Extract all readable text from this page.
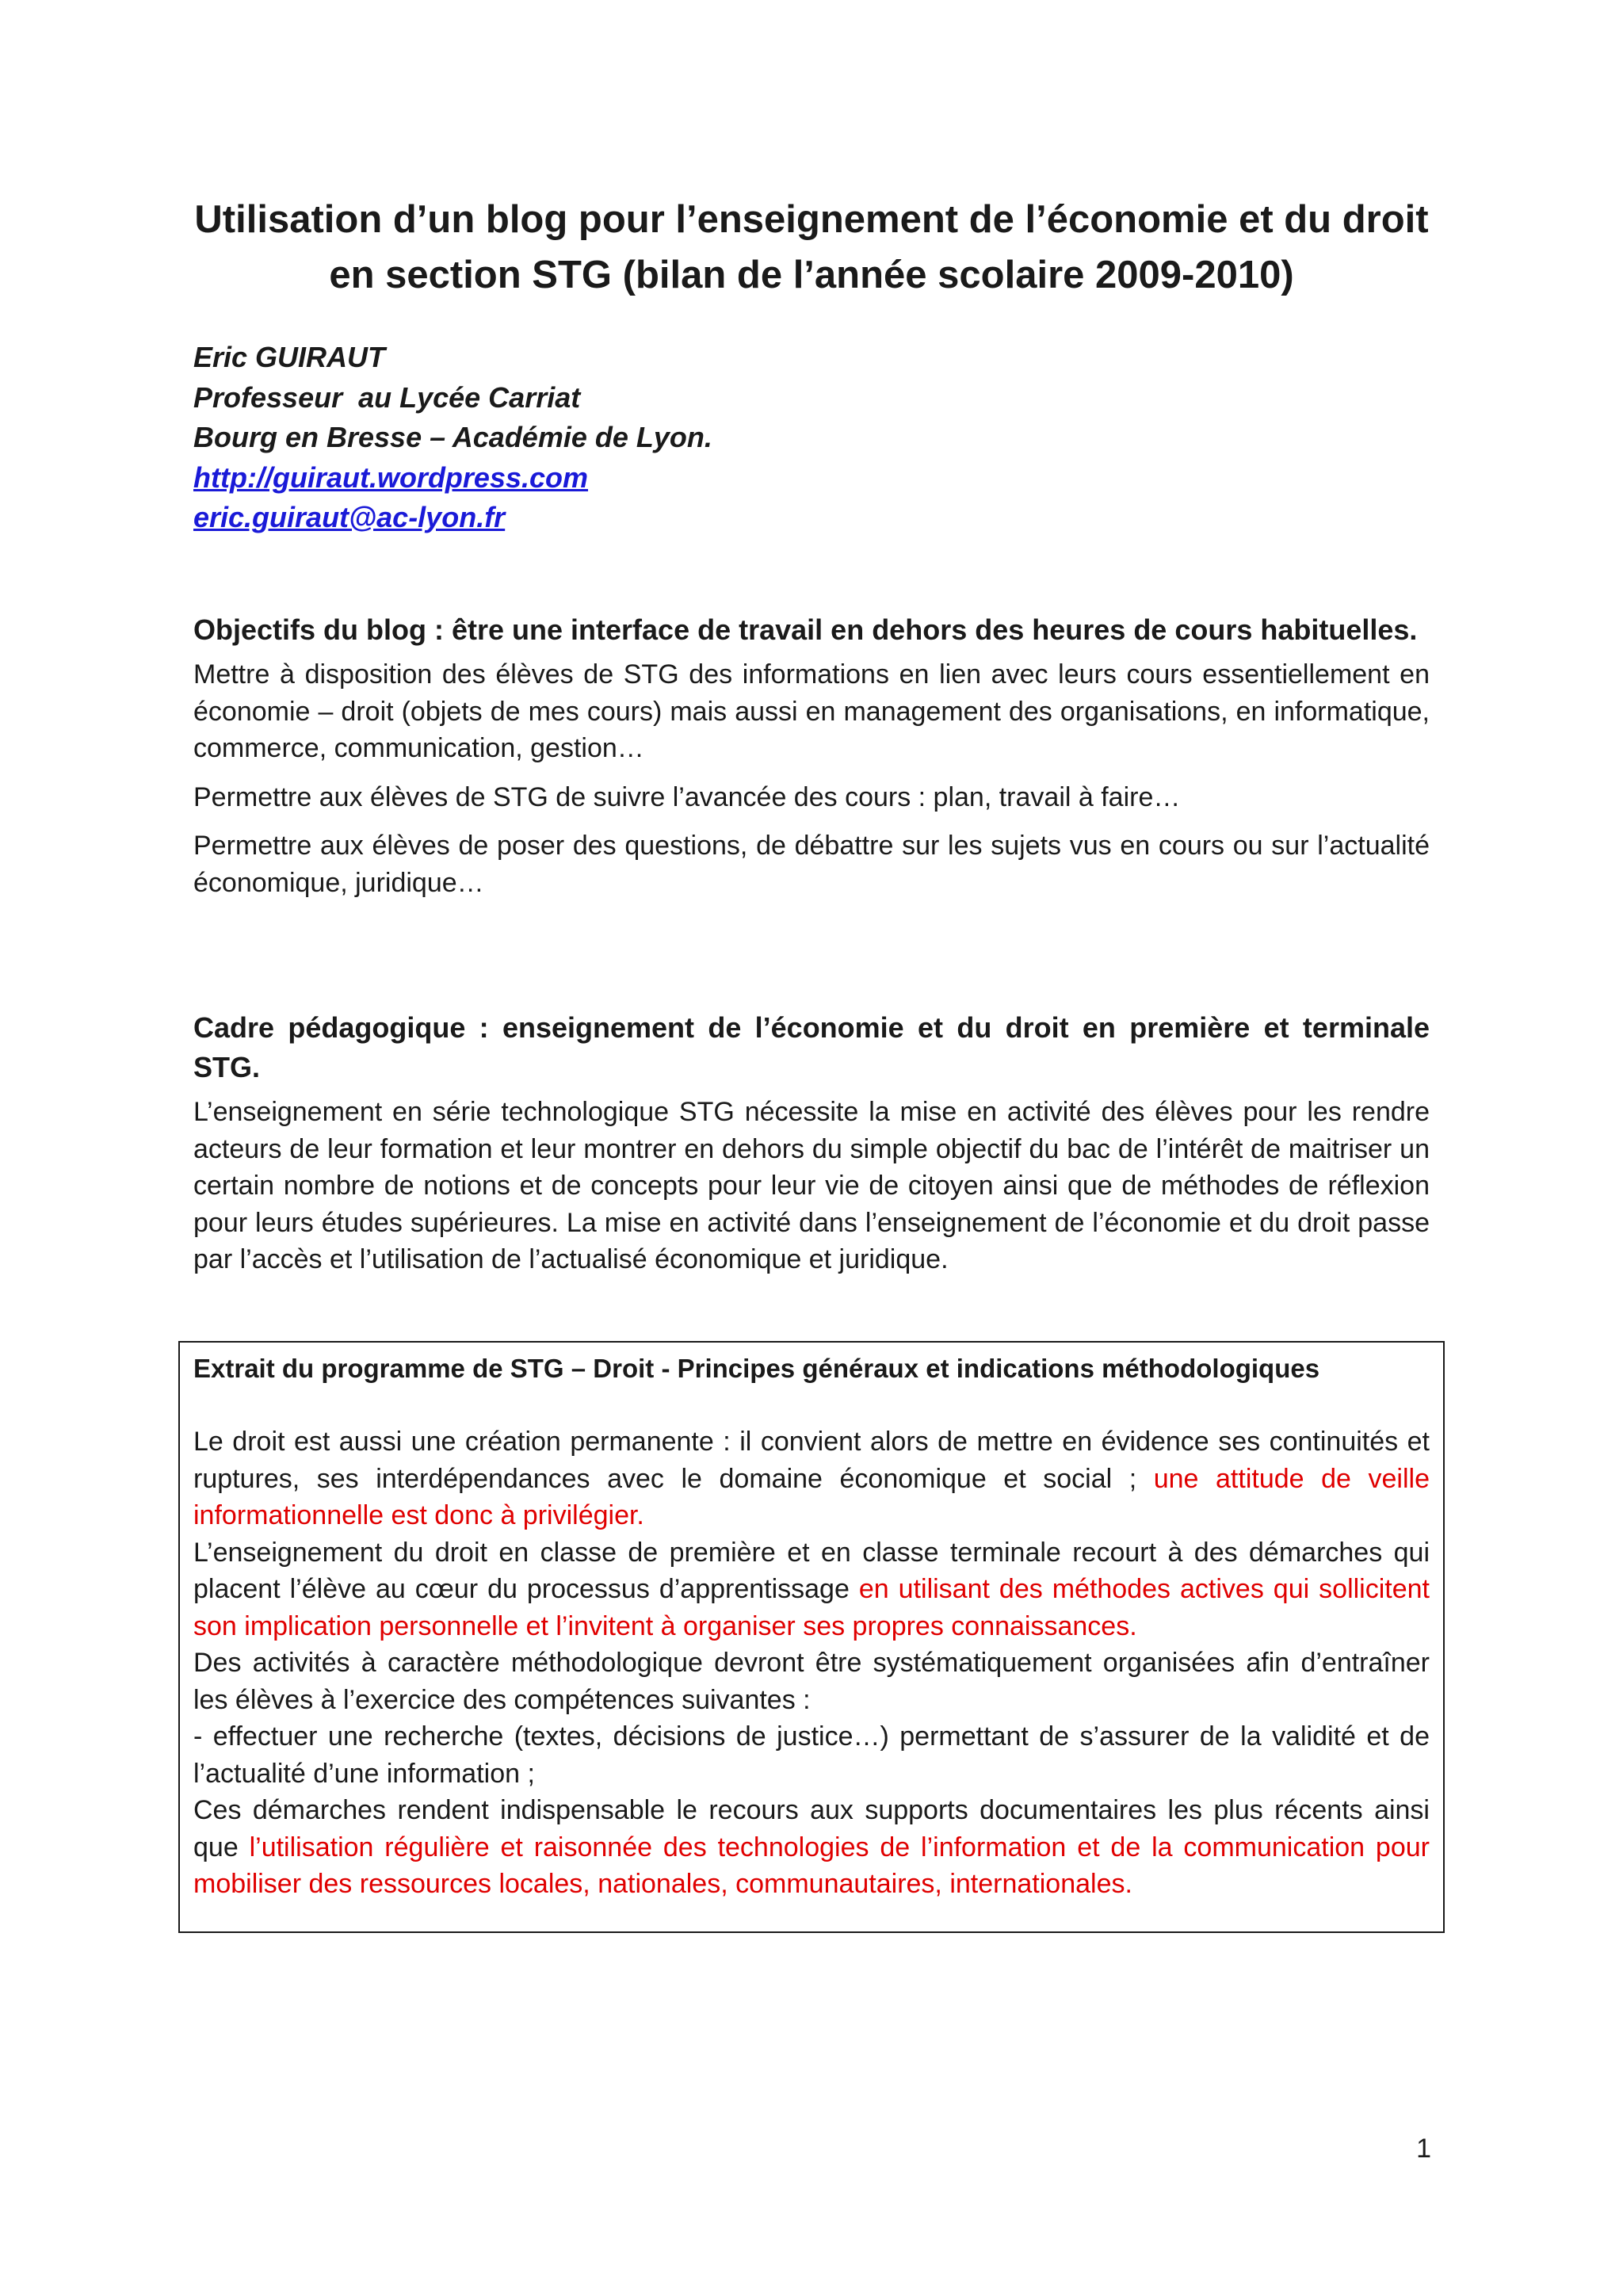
Utilisation d’un blog pour l’enseignement de l’économie et du droit
en section STG (bilan de l’année scolaire 2009-2010)
Eric GUIRAUT
Professeur  au Lycée Carriat
Bourg en Bresse – Académie de Lyon.
http://guiraut.wordpress.com
eric.guiraut@ac-lyon.fr

Objectifs du blog : être une interface de travail en dehors des heures de cours habituelles.

Mettre à disposition des élèves de STG des informations en lien avec leurs cours essentiellement en économie – droit (objets de mes cours) mais aussi en management des organisations, en informatique, commerce, communication, gestion…

Permettre aux élèves de STG de suivre l’avancée des cours : plan, travail à faire…

Permettre aux élèves de poser des questions, de débattre sur les sujets vus en cours ou sur l’actualité économique, juridique…

Cadre pédagogique : enseignement de l’économie et du droit en première et terminale STG.

L’enseignement en série technologique STG nécessite la mise en activité des élèves pour les rendre acteurs de leur formation et leur montrer en dehors du simple objectif du bac de l’intérêt de maitriser un certain nombre de notions et de concepts pour leur vie de citoyen ainsi que de méthodes de réflexion pour leurs études supérieures. La mise en activité dans l’enseignement de l’économie et du droit passe par l’accès et l’utilisation de l’actualisé économique et juridique.

Extrait du programme de STG – Droit - Principes généraux et indications méthodologiques

Le droit est aussi une création permanente : il convient alors de mettre en évidence ses continuités et ruptures, ses interdépendances avec le domaine économique et social ; une attitude de veille informationnelle est donc à privilégier.

L’enseignement du droit en classe de première et en classe terminale recourt à des démarches qui placent l’élève au cœur du processus d’apprentissage en utilisant des méthodes actives qui sollicitent son implication personnelle et l’invitent à organiser ses propres connaissances.

Des activités à caractère méthodologique devront être systématiquement organisées afin d’entraîner les élèves à l’exercice des compétences suivantes :

- effectuer une recherche (textes, décisions de justice…) permettant de s’assurer de la validité et de l’actualité d’une information ;

Ces démarches rendent indispensable le recours aux supports documentaires les plus récents ainsi que l’utilisation régulière et raisonnée des technologies de l’information et de la communication pour mobiliser des ressources locales, nationales, communautaires, internationales.

1
